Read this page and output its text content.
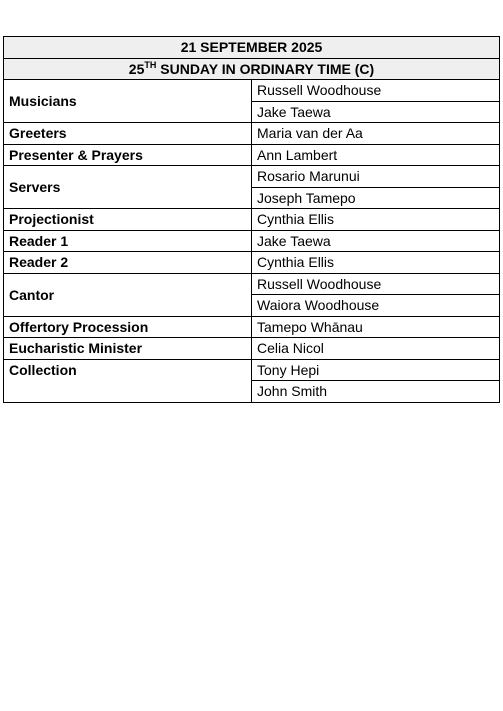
21 SEPTEMBER 2025	
25TH SUNDAY IN ORDINARY TIME (C)	
Musicians	Russell Woodhouse
	Jake Taewa
Greeters	Maria van der Aa
Presenter & Prayers	Ann Lambert
Servers	Rosario Marunui
	Joseph Tamepo
Projectionist	Cynthia Ellis
Reader 1	Jake Taewa
Reader 2	Cynthia Ellis
Cantor	Russell Woodhouse
	Waiora Woodhouse
Offertory Procession	Tamepo Whānau
Eucharistic Minister	Celia Nicol
Collection	Tony Hepi
	John Smith
